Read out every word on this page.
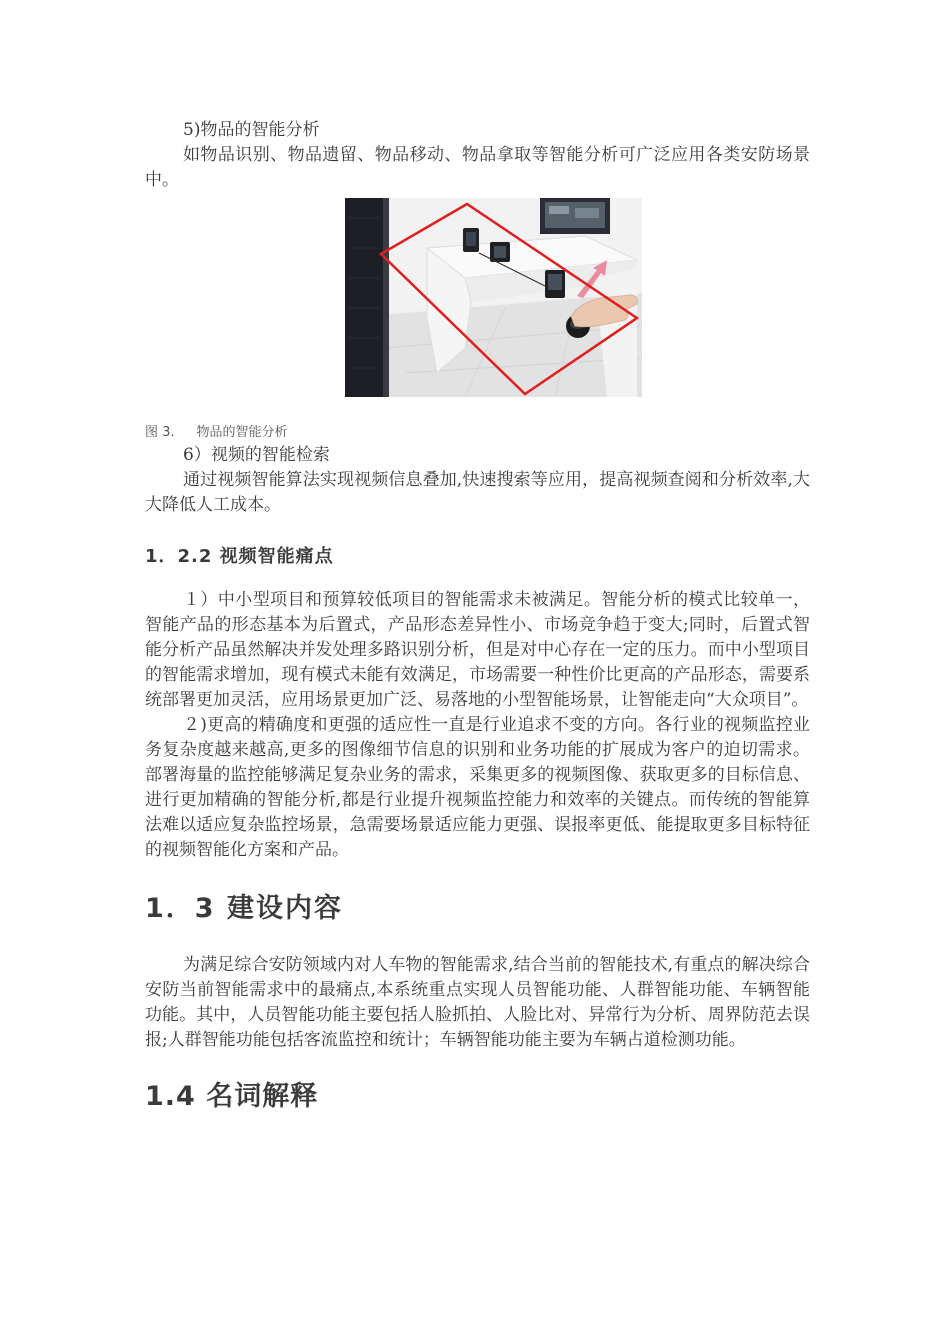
5)物品的智能分析

如物品识别、物品遗留、物品移动、物品拿取等智能分析可广泛应用各类安防场景中。

图 3. 物品的智能分析

6）视频的智能检索

通过视频智能算法实现视频信息叠加,快速搜索等应用，提高视频查阅和分析效率,大大降低人工成本。

1．2.2 视频智能痛点

１）中小型项目和预算较低项目的智能需求未被满足。智能分析的模式比较单一，智能产品的形态基本为后置式，产品形态差异性小、市场竞争趋于变大;同时，后置式智能分析产品虽然解决并发处理多路识别分析，但是对中心存在一定的压力。而中小型项目的智能需求增加，现有模式未能有效满足，市场需要一种性价比更高的产品形态，需要系统部署更加灵活，应用场景更加广泛、易落地的小型智能场景，让智能走向“大众项目”。

２)更高的精确度和更强的适应性一直是行业追求不变的方向。各行业的视频监控业务复杂度越来越高,更多的图像细节信息的识别和业务功能的扩展成为客户的迫切需求。部署海量的监控能够满足复杂业务的需求，采集更多的视频图像、获取更多的目标信息、进行更加精确的智能分析,都是行业提升视频监控能力和效率的关键点。而传统的智能算法难以适应复杂监控场景，急需要场景适应能力更强、误报率更低、能提取更多目标特征的视频智能化方案和产品。

1．3 建设内容

为满足综合安防领域内对人车物的智能需求,结合当前的智能技术,有重点的解决综合安防当前智能需求中的最痛点,本系统重点实现人员智能功能、人群智能功能、车辆智能功能。其中，人员智能功能主要包括人脸抓拍、人脸比对、异常行为分析、周界防范去误报;人群智能功能包括客流监控和统计；车辆智能功能主要为车辆占道检测功能。

1.4 名词解释
